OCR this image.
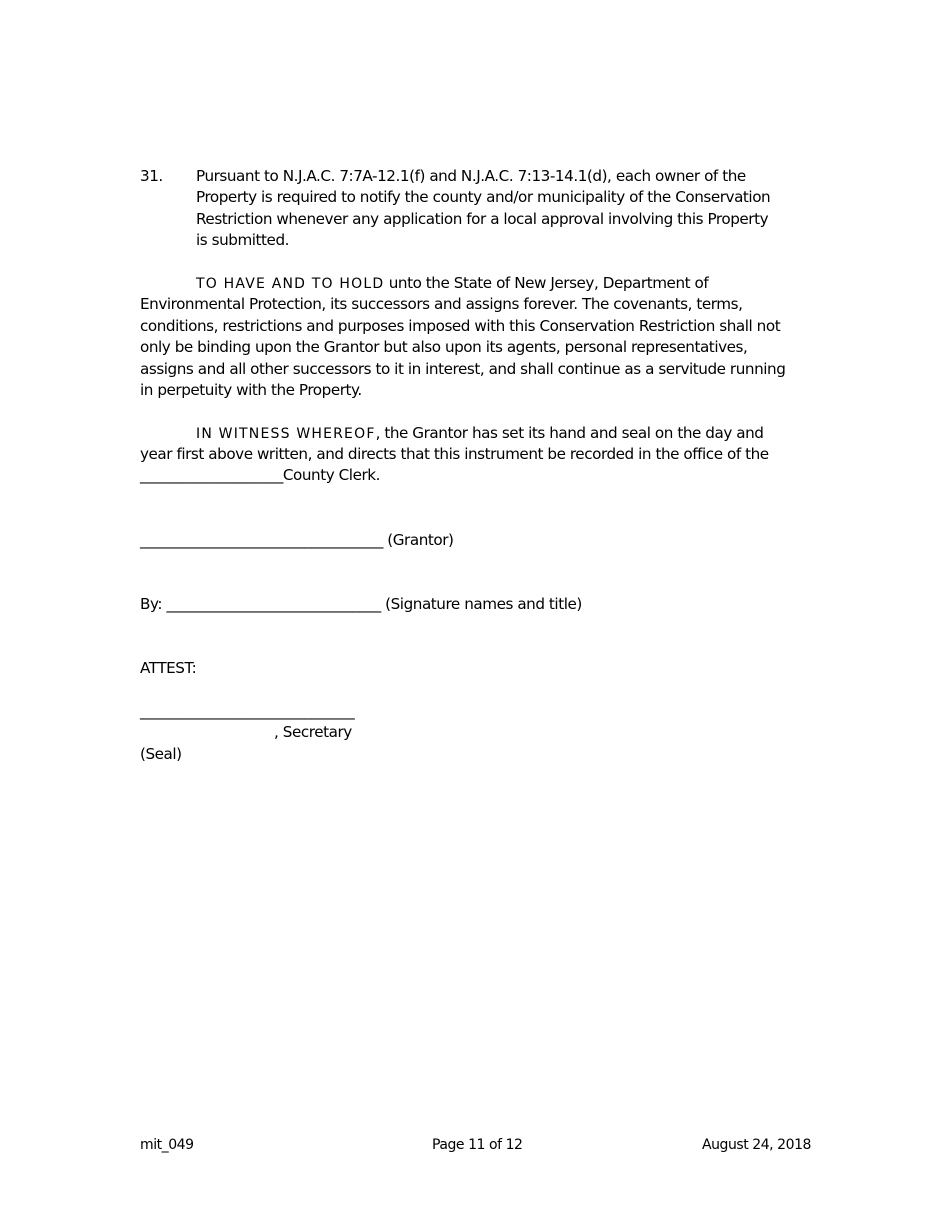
31. Pursuant to N.J.A.C. 7:7A-12.1(f) and N.J.A.C. 7:13-14.1(d), each owner of the
Property is required to notify the county and/or municipality of the Conservation
Restriction whenever any application for a local approval involving this Property
is submitted.
TO HAVE AND TO HOLD unto the State of New Jersey, Department of
Environmental Protection, its successors and assigns forever. The covenants, terms,
conditions, restrictions and purposes imposed with this Conservation Restriction shall not
only be binding upon the Grantor but also upon its agents, personal representatives,
assigns and all other successors to it in interest, and shall continue as a servitude running
in perpetuity with the Property.
IN WITNESS WHEREOF, the Grantor has set its hand and seal on the day and
year first above written, and directs that this instrument be recorded in the office of the
____________________County Clerk.
__________________________________ (Grantor)
By: ______________________________ (Signature names and title)
ATTEST:
______________________________
, Secretary
(Seal)
mit_049	Page 11 of 12	August 24, 2018
